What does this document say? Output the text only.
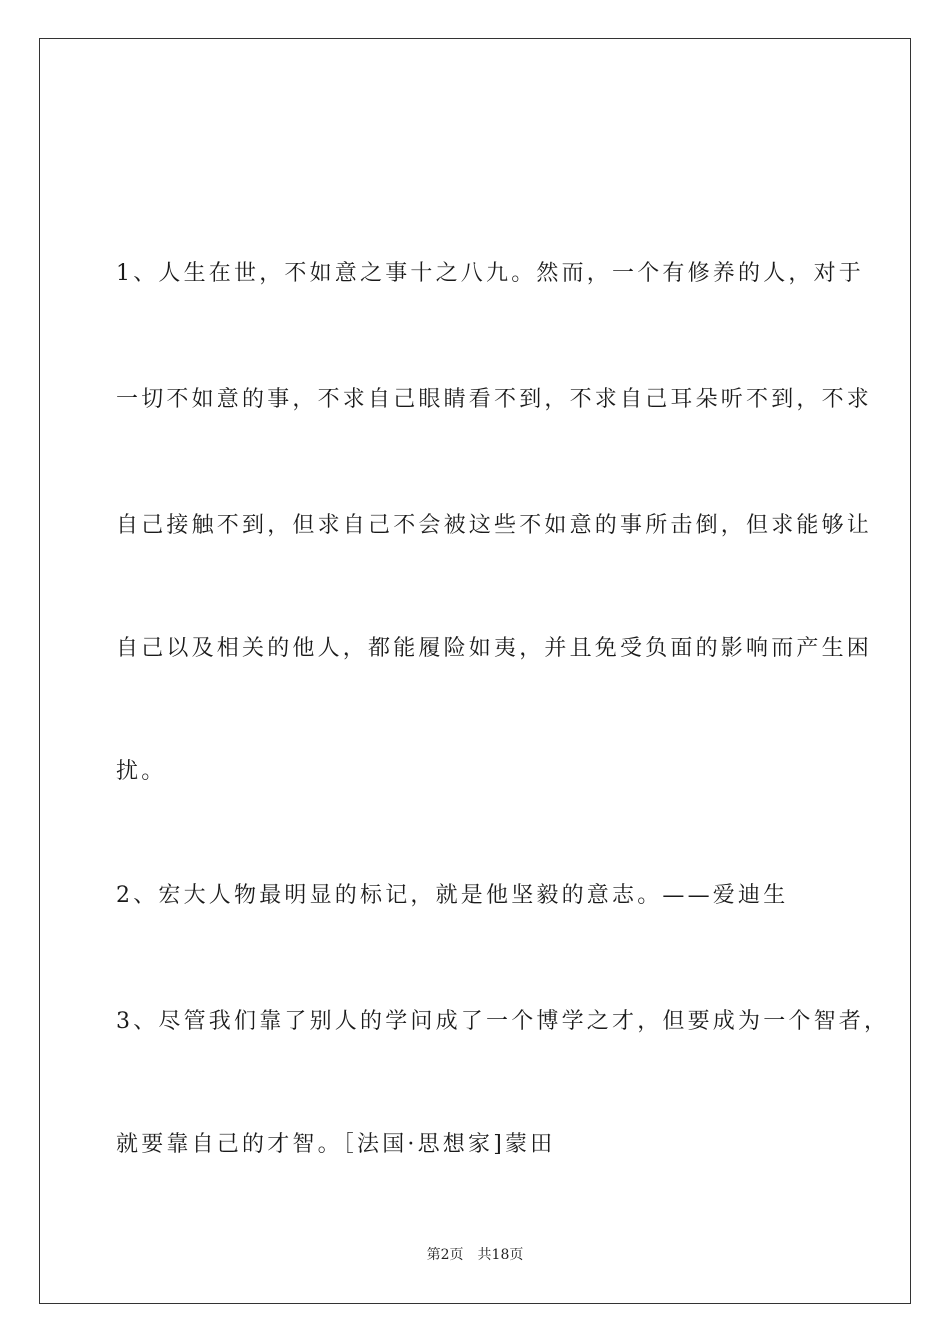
1、人生在世，不如意之事十之八九。然而，一个有修养的人，对于
一切不如意的事，不求自己眼睛看不到，不求自己耳朵听不到，不求
自己接触不到，但求自己不会被这些不如意的事所击倒，但求能够让
自己以及相关的他人，都能履险如夷，并且免受负面的影响而产生困
扰。
2、宏大人物最明显的标记，就是他坚毅的意志。——爱迪生
3、尽管我们靠了别人的学问成了一个博学之才，但要成为一个智者，
就要靠自己的才智。［法国·思想家]蒙田
第2页 共18页
